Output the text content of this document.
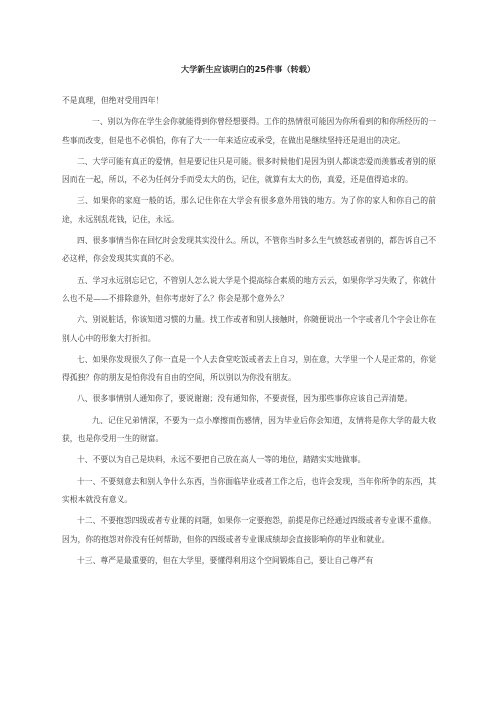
大学新生应该明白的25件事（转载）

不是真理，但绝对受用四年！

一、别以为你在学生会你就能得到你曾经想要得。工作的热情很可能因为你所看到的和你所经历的一些事而改变，但是也不必惧怕，你有了大一一年来适应或承受，在做出是继续坚持还是退出的决定。

二、大学可能有真正的爱情，但是要记住只是可能。很多时候他们是因为别人都谈恋爱而羡慕或者别的原因而在一起，所以，不必为任何分手而受太大的伤，记住，就算有太大的伤，真爱，还是值得追求的。

三、如果你的家庭一般的话，那么记住你在大学会有很多意外用钱的地方。为了你的家人和你自己的前途，永远别乱花钱，记住，永远。

四、很多事情当你在回忆时会发现其实没什么。所以，不管你当时多么生气愤怒或者别的，都告诉自己不必这样，你会发现其实真的不必。

五、学习永远别忘记它，不管别人怎么说大学是个提高综合素质的地方云云，如果你学习失败了，你就什么也不是——不排除意外，但你考虑好了么？你会是那个意外么？

六、别说脏话，你该知道习惯的力量。找工作或者和别人接触时，你随便说出一个字或者几个字会让你在别人心中的形象大打折扣。

七、如果你发现很久了你一直是一个人去食堂吃饭或者去上自习，别在意，大学里一个人是正常的，你觉得孤独？你的朋友是怕你没有自由的空间，所以别以为你没有朋友。

八、很多事情别人通知你了，要说谢谢；没有通知你，不要责怪，因为那些事你应该自己弄清楚。

九、记住兄弟情深，不要为一点小摩擦而伤感情，因为毕业后你会知道，友情将是你大学的最大收获，也是你受用一生的财富。

十、不要以为自己是块料，永远不要把自己放在高人一等的地位，踏踏实实地做事。

十一、不要刻意去和别人争什么东西，当你面临毕业或者工作之后，也许会发现，当年你所争的东西，其实根本就没有意义。

十二、不要抱怨四级或者专业课的问题，如果你一定要抱怨，前提是你已经通过四级或者专业课不重修。因为，你的抱怨对你没有任何帮助，但你的四级或者专业课成绩却会直接影响你的毕业和就业。

十三、尊严是最重要的，但在大学里，要懂得利用这个空间锻炼自己，要让自己尊严有
